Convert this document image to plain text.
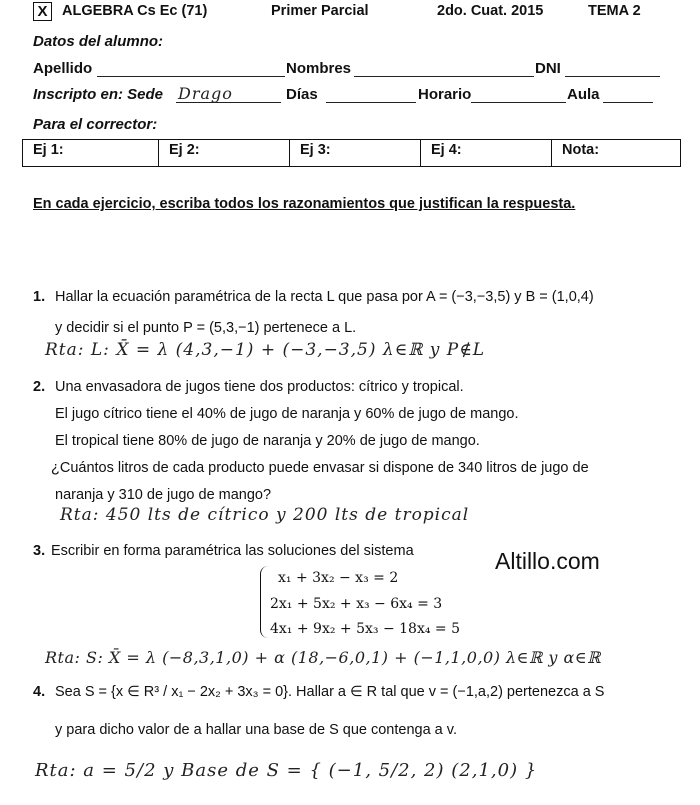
X	ALGEBRA Cs Ec (71)	Primer Parcial	2do. Cuat. 2015	TEMA 2
Datos del alumno:
Apellido	Nombres	DNI
Inscripto en: Sede Drago	Días	Horario	Aula
Para el corrector:
Ej 1:	Ej 2:	Ej 3:	Ej 4:	Nota:
En cada ejercicio, escriba todos los razonamientos que justifican la respuesta.
1. Hallar la ecuación paramétrica de la recta L que pasa por A = (−3,−3,5) y B = (1,0,4)
y decidir si el punto P = (5,3,−1) pertenece a L.
Rta: L: X̄ = λ (4,3,−1) + (−3,−3,5) λ∈ℝ y P∉L
2. Una envasadora de jugos tiene dos productos: cítrico y tropical.
El jugo cítrico tiene el 40% de jugo de naranja y 60% de jugo de mango.
El tropical tiene 80% de jugo de naranja y 20% de jugo de mango.
¿Cuántos litros de cada producto puede envasar si dispone de 340 litros de jugo de
naranja y 310 de jugo de mango?
Rta: 450 lts de cítrico y 200 lts de tropical
3. Escribir en forma paramétrica las soluciones del sistema	Altillo.com
x₁ + 3x₂ − x₃ = 2
2x₁ + 5x₂ + x₃ − 6x₄ = 3
4x₁ + 9x₂ + 5x₃ − 18x₄ = 5
Rta: S: X̄ = λ (−8,3,1,0) + α (18,−6,0,1) + (−1,1,0,0) λ∈ℝ y α∈ℝ
4. Sea S = {x ∈ R³ / x₁ − 2x₂ + 3x₃ = 0}. Hallar a ∈ R tal que v = (−1,a,2) pertenezca a S
y para dicho valor de a hallar una base de S que contenga a v.
Rta: a = 5/2 y Base de S = { (−1, 5/2, 2) (2,1,0) }
